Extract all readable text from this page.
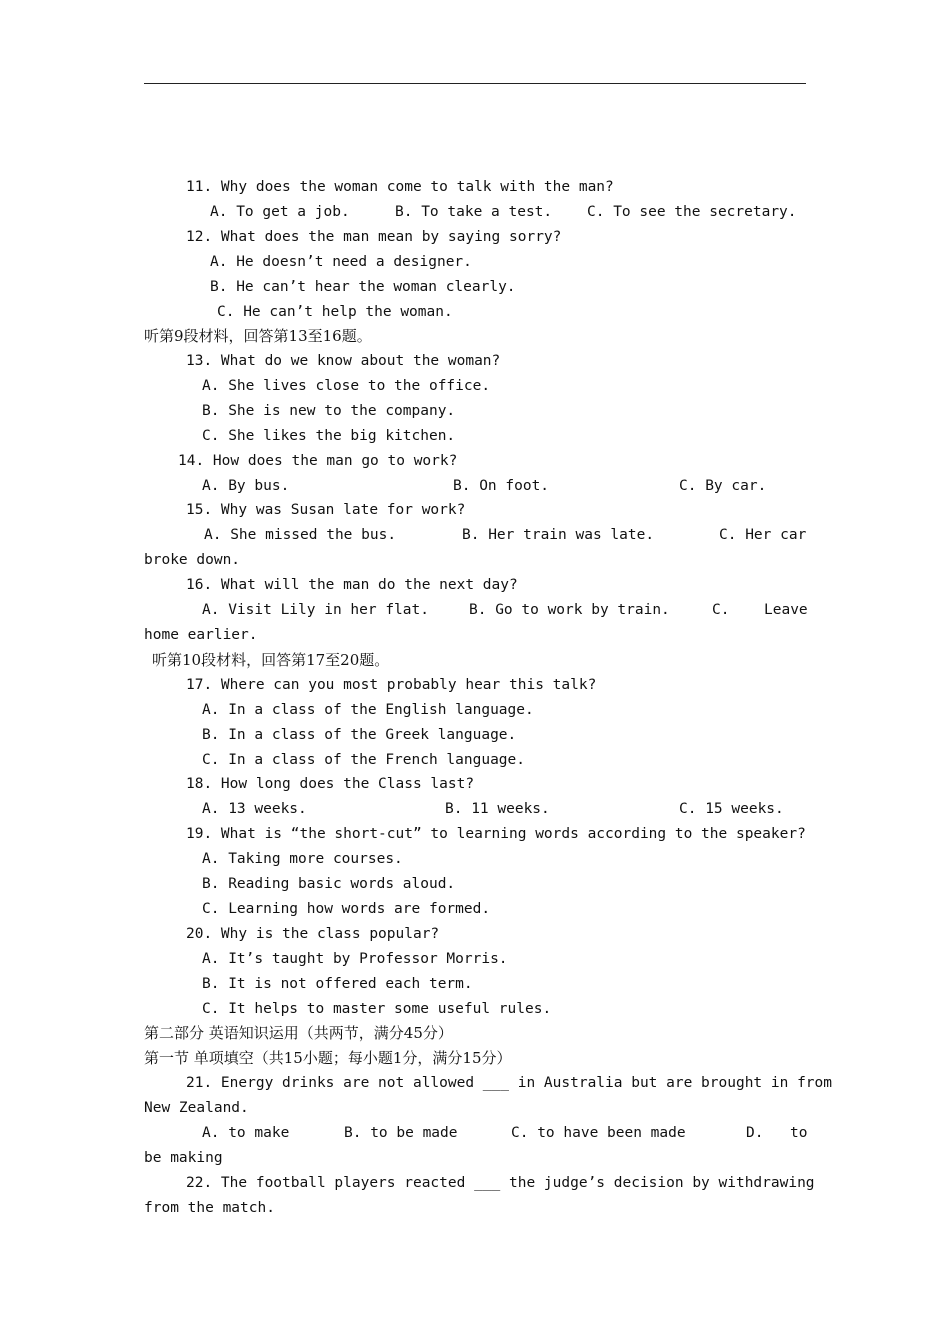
11. Why does the woman come to talk with the man?
A. To get a job.	B. To take a test. C. To see the secretary.
12. What does the man mean by saying sorry?
A. He doesn’t need a designer.
B. He can’t hear the woman clearly.
C. He can’t help the woman.
听第9段材料，回答第13至16题。
13. What do we know about the woman?
A. She lives close to the office.
B. She is new to the company.
C. She likes the big kitchen.
14. How does the man go to work?
A. By bus.	B. On foot.	C. By car.
15. Why was Susan late for work?
A. She missed the bus.	B. Her train was late.	C. Her car
broke down.
16. What will the man do the next day?
A. Visit Lily in her flat.	B. Go to work by train.	C. Leave
home earlier.
听第10段材料，回答第17至20题。
17. Where can you most probably hear this talk?
A. In a class of the English language.
B. In a class of the Greek language.
C. In a class of the French language.
18. How long does the Class last?
A. 13 weeks.	B. 11 weeks.	C. 15 weeks.
19. What is “the short-cut” to learning words according to the speaker?
A. Taking more courses.
B. Reading basic words aloud.
C. Learning how words are formed.
20. Why is the class popular?
A. It’s taught by Professor Morris.
B. It is not offered each term.
C. It helps to master some useful rules.
第二部分 英语知识运用（共两节，满分45分）
第一节 单项填空（共15小题；每小题1分，满分15分）
21. Energy drinks are not allowed ___ in Australia but are brought in from
New Zealand.
A. to make	B. to be made	C. to have been made	D. to
be making
22. The football players reacted ___ the judge’s decision by withdrawing
from the match.
